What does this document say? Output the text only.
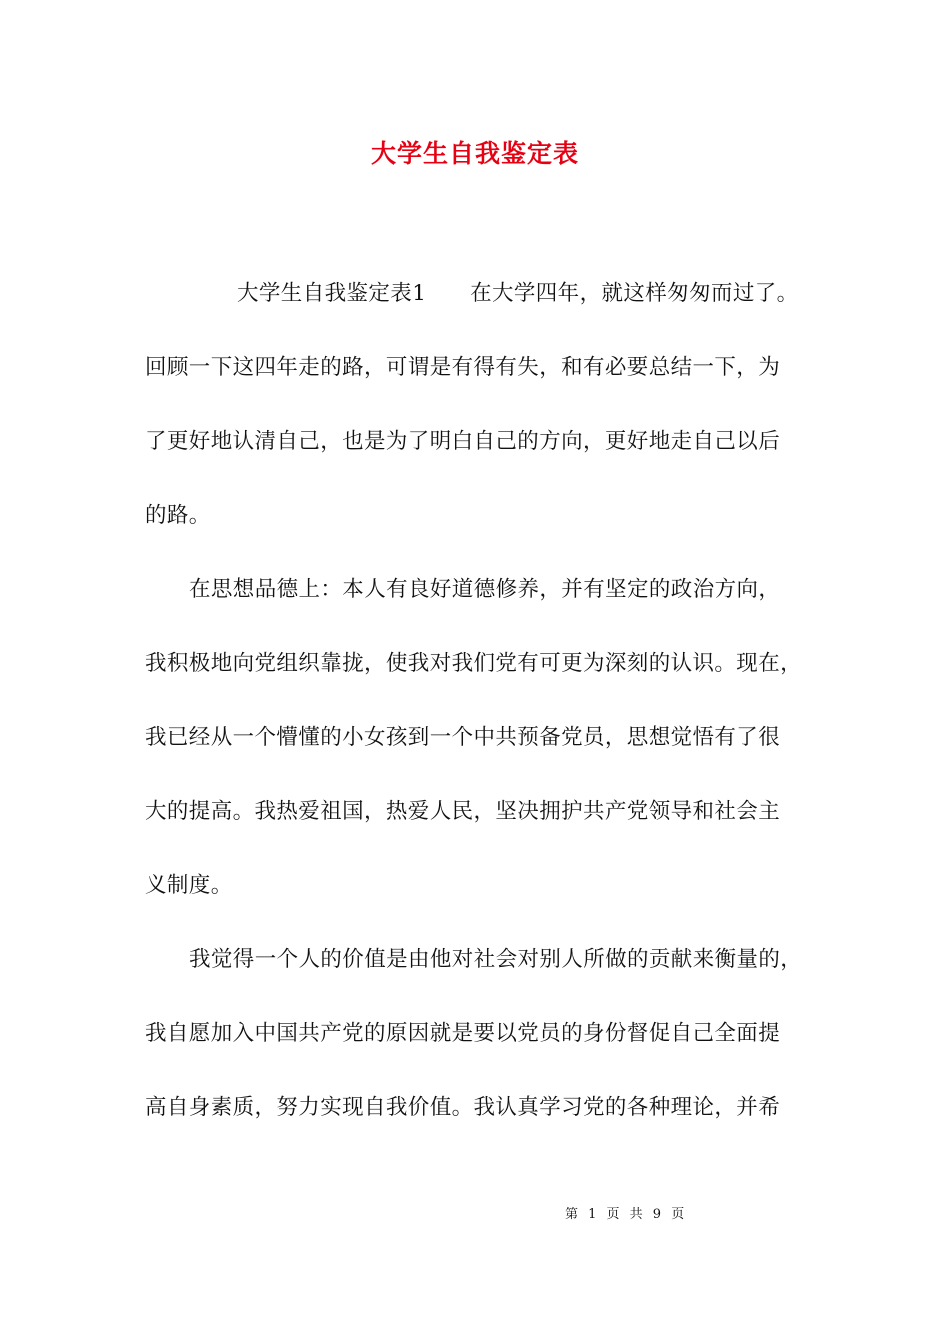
大学生自我鉴定表
大学生自我鉴定表1　　在大学四年，就这样匆匆而过了。
回顾一下这四年走的路，可谓是有得有失，和有必要总结一下，为
了更好地认清自己，也是为了明白自己的方向，更好地走自己以后
的路。
在思想品德上：本人有良好道德修养，并有坚定的政治方向，
我积极地向党组织靠拢，使我对我们党有可更为深刻的认识。现在，
我已经从一个懵懂的小女孩到一个中共预备党员，思想觉悟有了很
大的提高。我热爱祖国，热爱人民，坚决拥护共产党领导和社会主
义制度。
我觉得一个人的价值是由他对社会对别人所做的贡献来衡量的，
我自愿加入中国共产党的原因就是要以党员的身份督促自己全面提
高自身素质，努力实现自我价值。我认真学习党的各种理论，并希
第 1 页 共 9 页
